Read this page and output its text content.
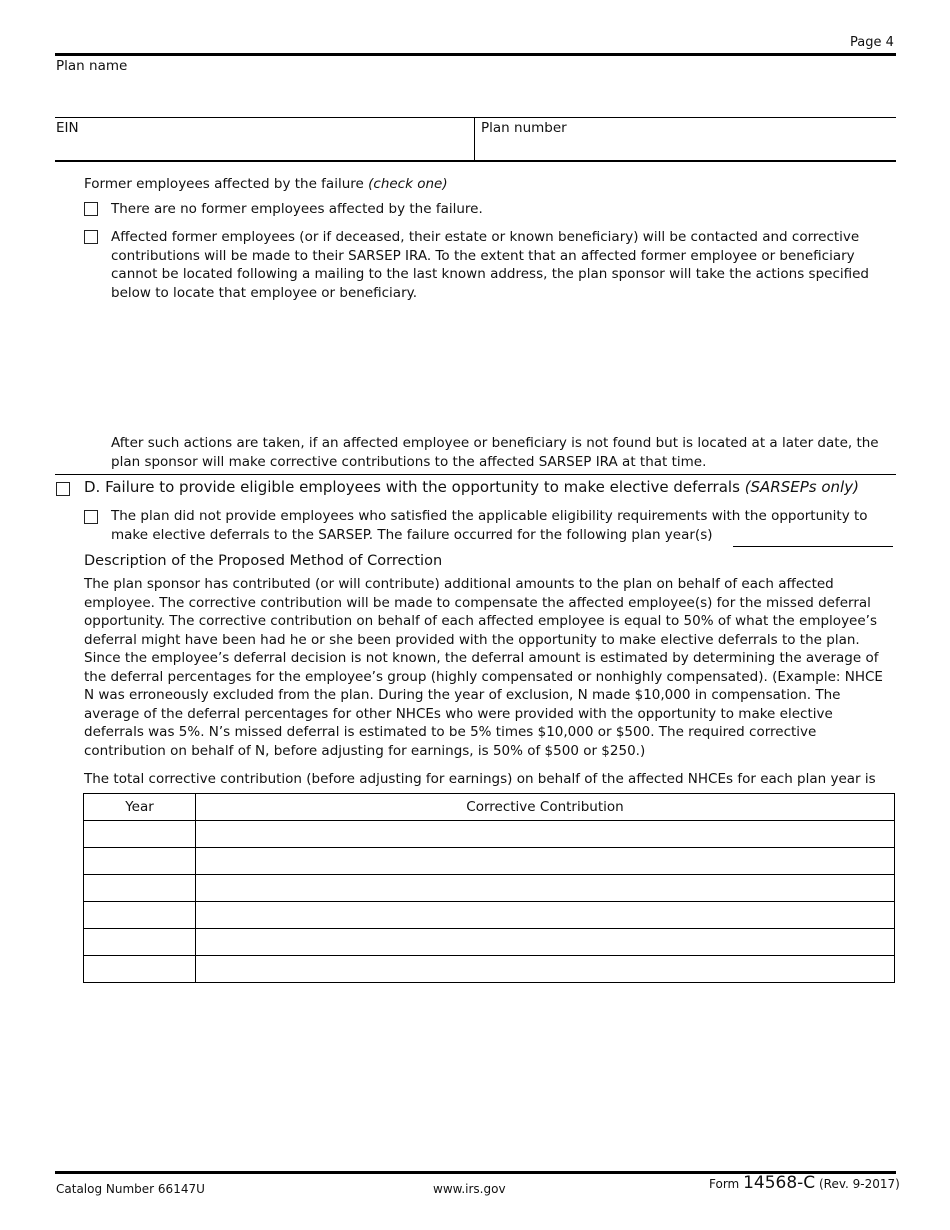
Page 4
Plan name
EIN	Plan number
Former employees affected by the failure (check one)
There are no former employees affected by the failure.
Affected former employees (or if deceased, their estate or known beneficiary) will be contacted and corrective contributions will be made to their SARSEP IRA. To the extent that an affected former employee or beneficiary cannot be located following a mailing to the last known address, the plan sponsor will take the actions specified below to locate that employee or beneficiary.
After such actions are taken, if an affected employee or beneficiary is not found but is located at a later date, the plan sponsor will make corrective contributions to the affected SARSEP IRA at that time.
D. Failure to provide eligible employees with the opportunity to make elective deferrals (SARSEPs only)
The plan did not provide employees who satisfied the applicable eligibility requirements with the opportunity to make elective deferrals to the SARSEP. The failure occurred for the following plan year(s)
Description of the Proposed Method of Correction
The plan sponsor has contributed (or will contribute) additional amounts to the plan on behalf of each affected employee. The corrective contribution will be made to compensate the affected employee(s) for the missed deferral opportunity. The corrective contribution on behalf of each affected employee is equal to 50% of what the employee’s deferral might have been had he or she been provided with the opportunity to make elective deferrals to the plan. Since the employee’s deferral decision is not known, the deferral amount is estimated by determining the average of the deferral percentages for the employee’s group (highly compensated or nonhighly compensated). (Example: NHCE N was erroneously excluded from the plan. During the year of exclusion, N made $10,000 in compensation. The average of the deferral percentages for other NHCEs who were provided with the opportunity to make elective deferrals was 5%. N’s missed deferral is estimated to be 5% times $10,000 or $500. The required corrective contribution on behalf of N, before adjusting for earnings, is 50% of $500 or $250.)
The total corrective contribution (before adjusting for earnings) on behalf of the affected NHCEs for each plan year is
Year	Corrective Contribution

Catalog Number 66147U	www.irs.gov	Form 14568-C (Rev. 9-2017)
